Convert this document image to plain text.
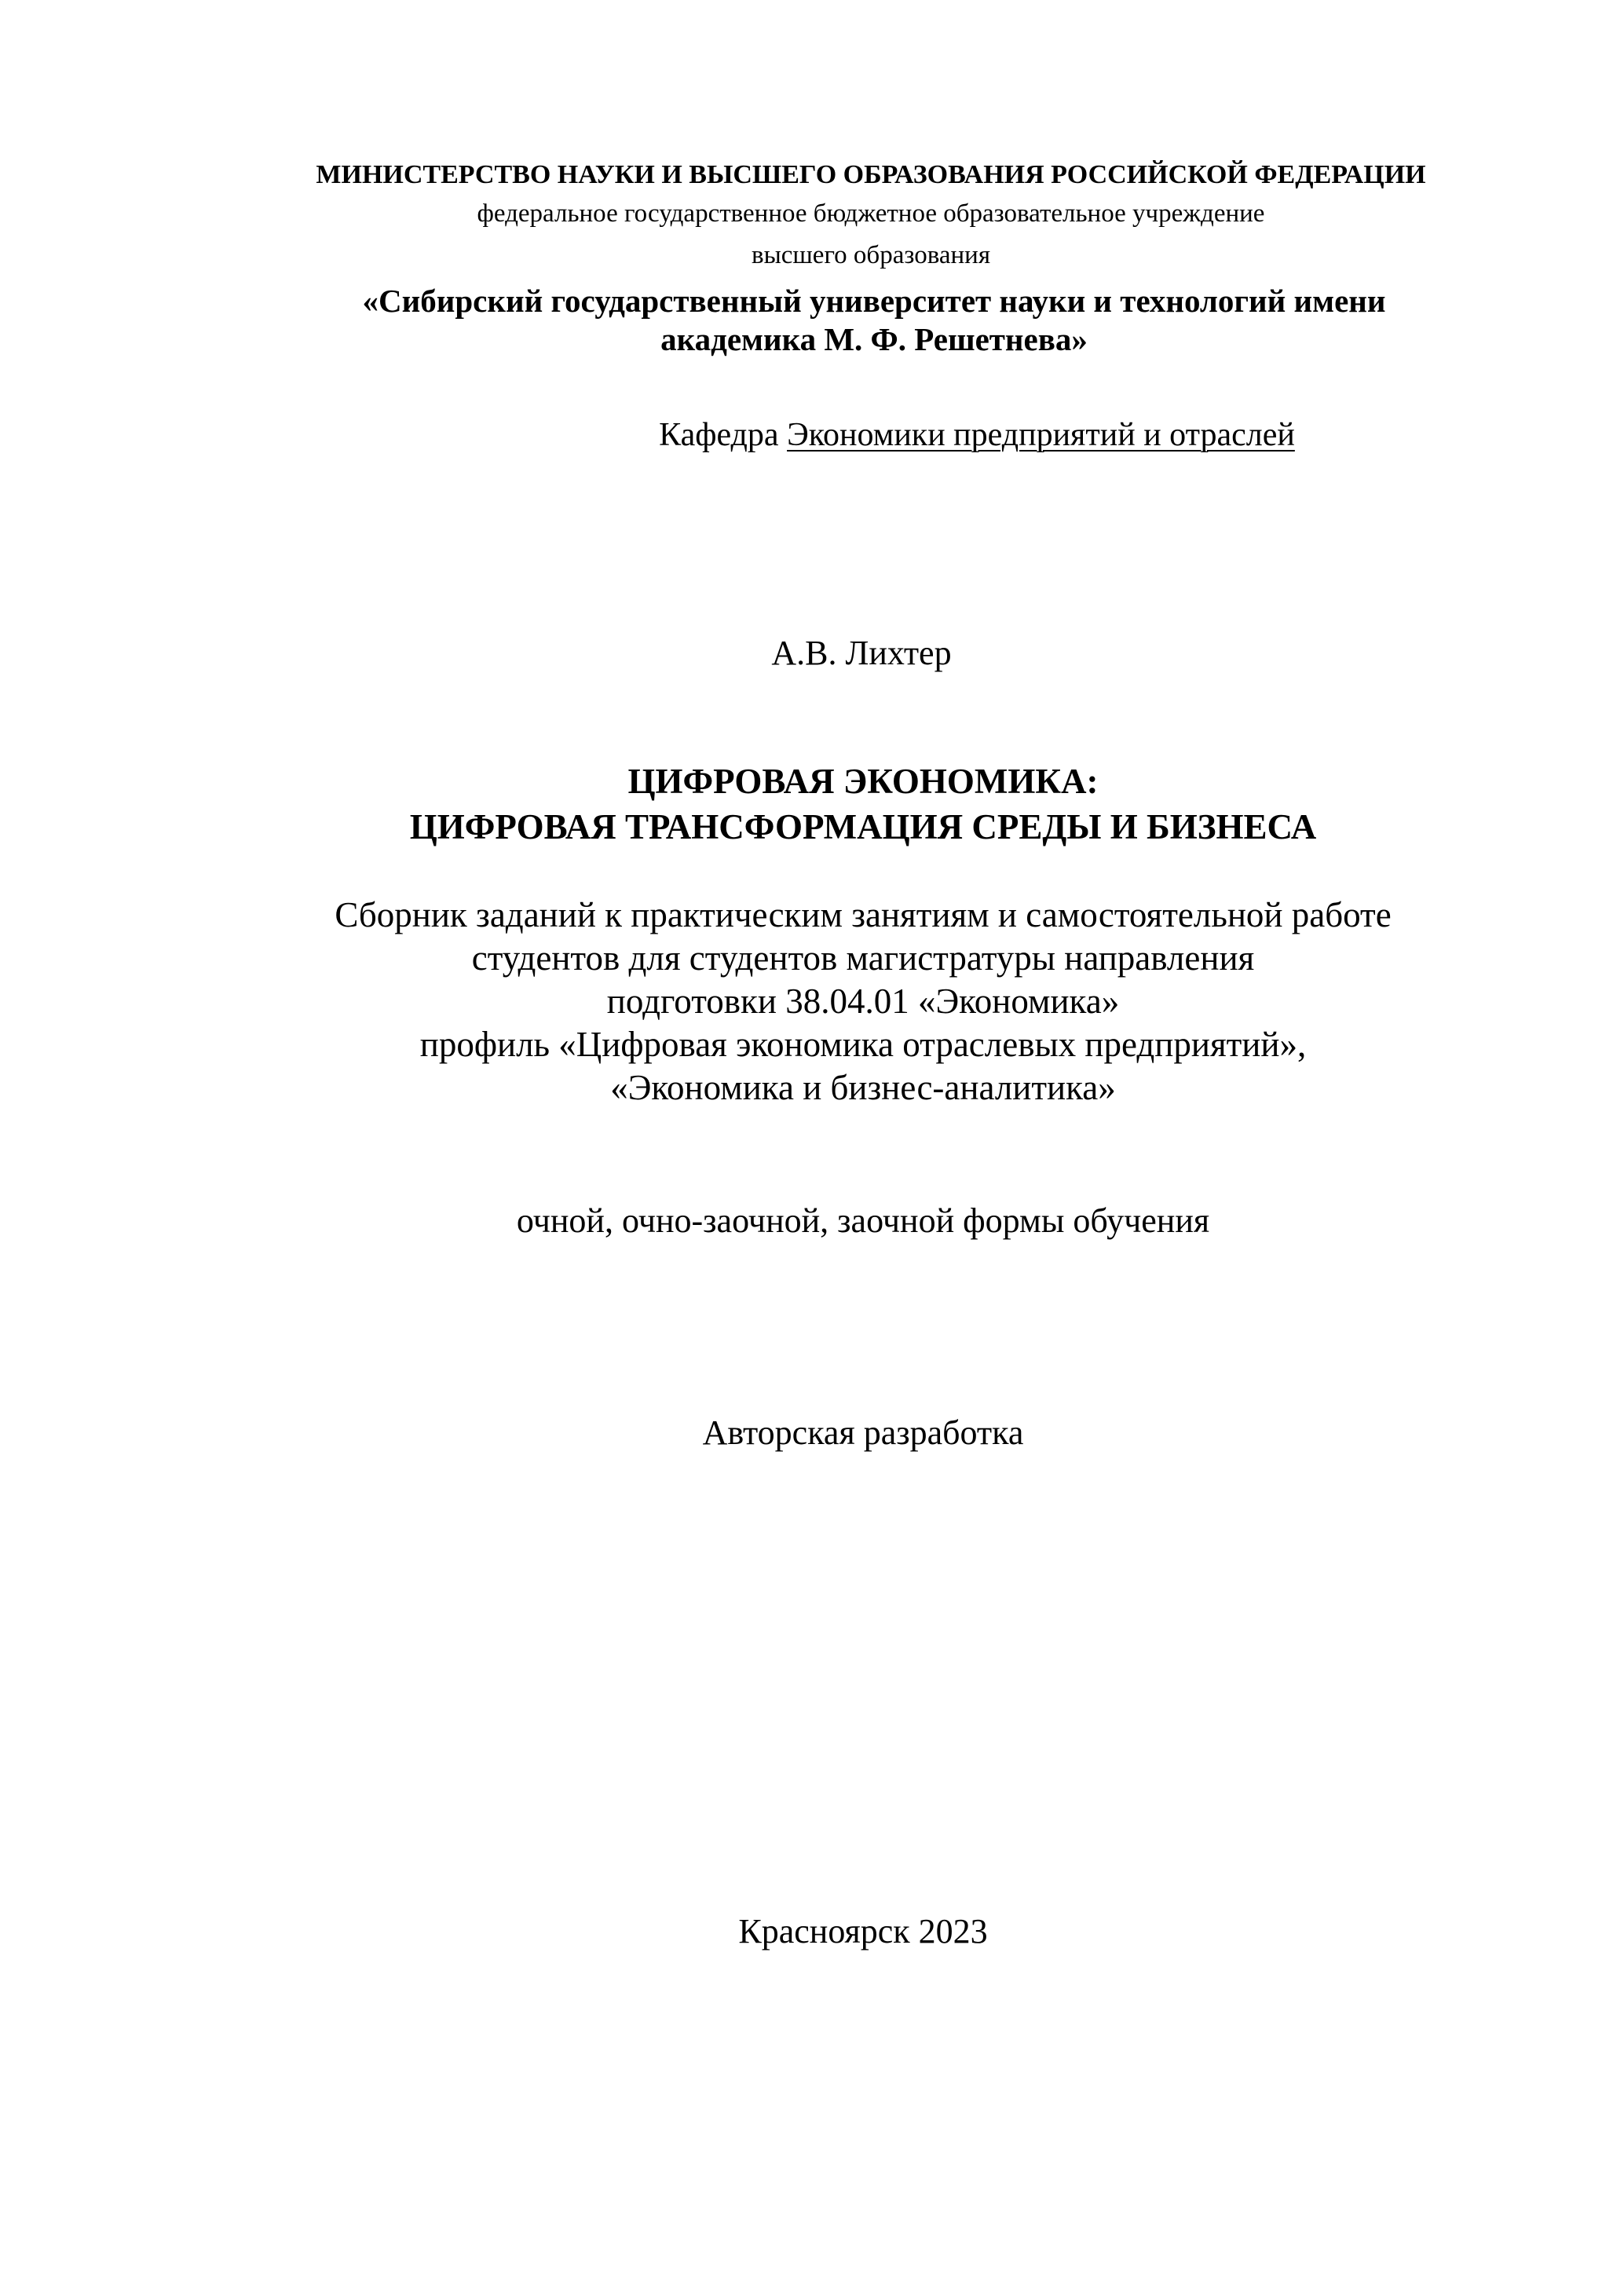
МИНИСТЕРСТВО НАУКИ И ВЫСШЕГО ОБРАЗОВАНИЯ РОССИЙСКОЙ ФЕДЕРАЦИИ
федеральное государственное бюджетное образовательное учреждение
высшего образования
«Сибирский государственный университет науки и технологий имени
академика М. Ф. Решетнева»
Кафедра Экономики предприятий и отраслей
А.В. Лихтер
ЦИФРОВАЯ ЭКОНОМИКА:
ЦИФРОВАЯ ТРАНСФОРМАЦИЯ СРЕДЫ И БИЗНЕСА
Сборник заданий к практическим занятиям и самостоятельной работе
студентов для студентов магистратуры направления
подготовки 38.04.01 «Экономика»
профиль «Цифровая экономика отраслевых предприятий»,
«Экономика и бизнес-аналитика»
очной, очно-заочной, заочной формы обучения
Авторская разработка
Красноярск 2023
